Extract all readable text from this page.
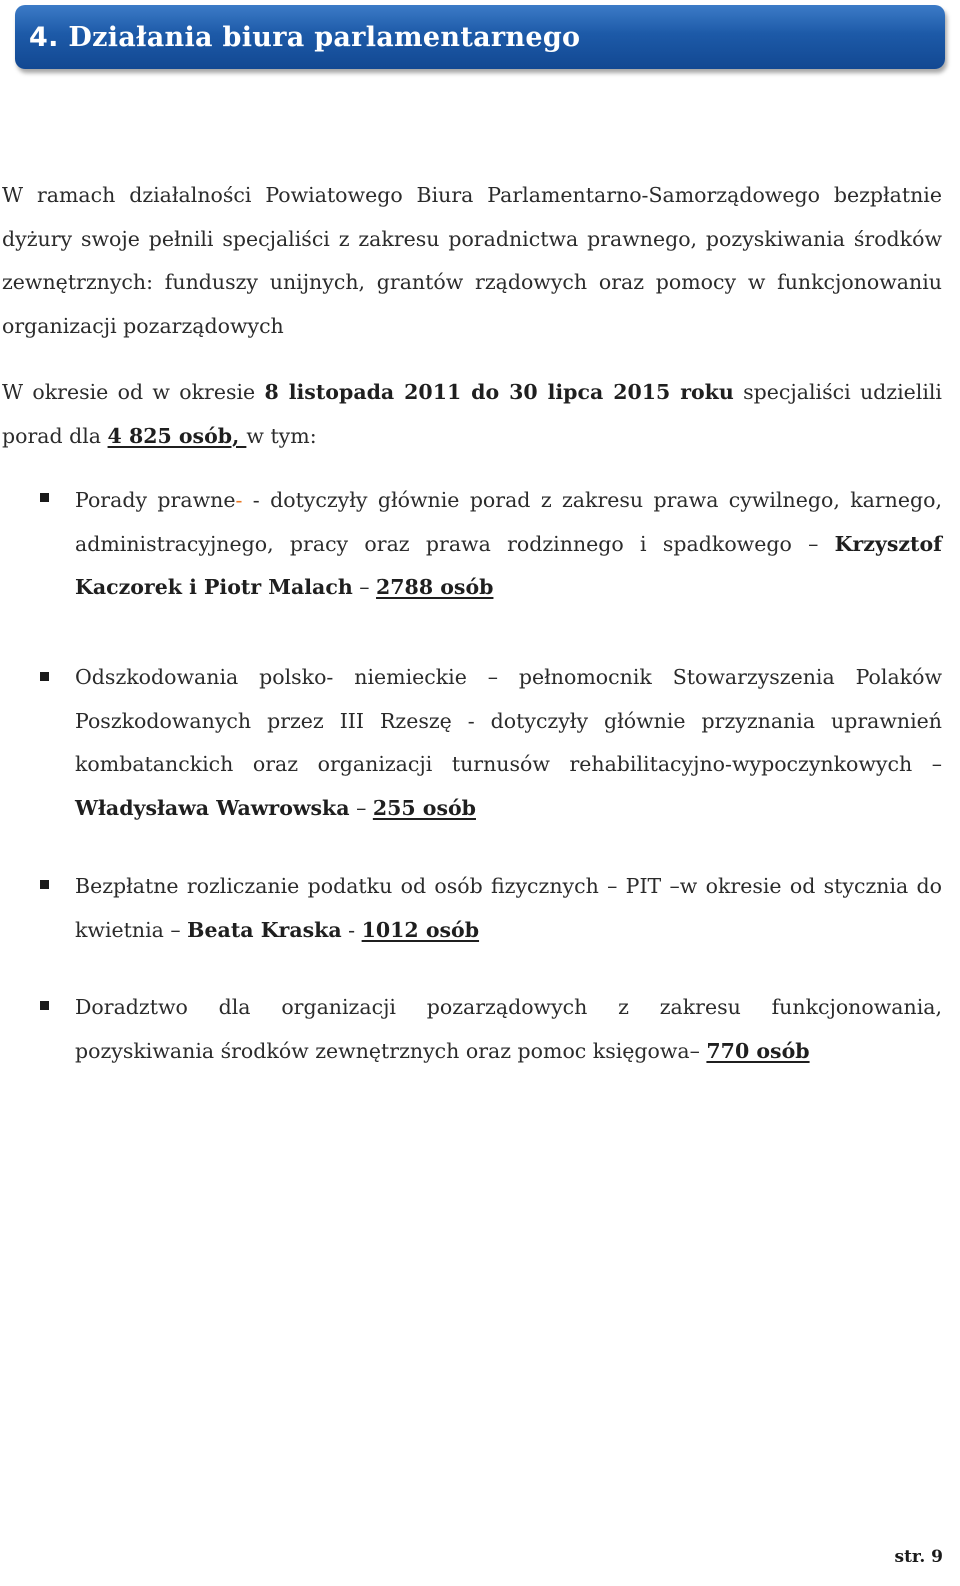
4. Działania biura parlamentarnego

W ramach działalności Powiatowego Biura Parlamentarno-Samorządowego bezpłatnie dyżury swoje pełnili specjaliści z zakresu poradnictwa prawnego, pozyskiwania środków zewnętrznych: funduszy unijnych, grantów rządowych oraz pomocy w funkcjonowaniu organizacji pozarządowych

W okresie od w okresie 8 listopada 2011 do 30 lipca 2015 roku specjaliści udzielili porad dla 4 825 osób, w tym:

Porady prawne- - dotyczyły głównie porad z zakresu prawa cywilnego, karnego, administracyjnego, pracy oraz prawa rodzinnego i spadkowego – Krzysztof Kaczorek i Piotr Malach – 2788 osób

Odszkodowania polsko- niemieckie – pełnomocnik Stowarzyszenia Polaków Poszkodowanych przez III Rzeszę - dotyczyły głównie przyznania uprawnień kombatanckich oraz organizacji turnusów rehabilitacyjno-wypoczynkowych – Władysława Wawrowska – 255 osób

Bezpłatne rozliczanie podatku od osób fizycznych – PIT –w okresie od stycznia do kwietnia – Beata Kraska - 1012 osób

Doradztwo dla organizacji pozarządowych z zakresu funkcjonowania, pozyskiwania środków zewnętrznych oraz pomoc księgowa– 770 osób

str. 9
